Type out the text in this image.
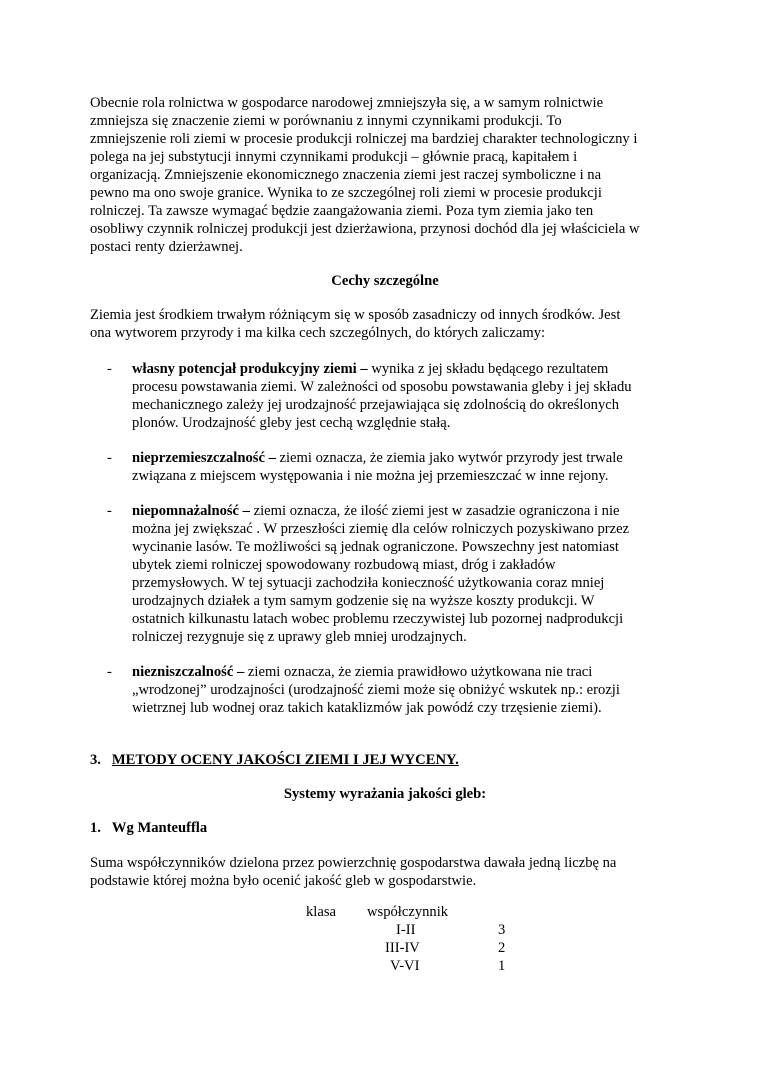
Obecnie rola rolnictwa w gospodarce narodowej zmniejszyła się, a w samym rolnictwie

zmniejsza się znaczenie ziemi w porównaniu z innymi czynnikami produkcji. To

zmniejszenie roli ziemi w procesie produkcji rolniczej ma bardziej charakter technologiczny i

polega na jej substytucji innymi czynnikami produkcji – głównie pracą, kapitałem i

organizacją. Zmniejszenie ekonomicznego znaczenia ziemi jest raczej symboliczne i na

pewno ma ono swoje granice. Wynika to ze szczególnej roli ziemi w procesie produkcji

rolniczej. Ta zawsze wymagać będzie zaangażowania ziemi. Poza tym ziemia jako ten

osobliwy czynnik rolniczej produkcji jest dzierżawiona, przynosi dochód dla jej właściciela w

postaci renty dzierżawnej.

Cechy szczególne

Ziemia jest środkiem trwałym różniącym się w sposób zasadniczy od innych środków. Jest

ona wytworem przyrody i ma kilka cech szczególnych, do których zaliczamy:

- własny potencjał produkcyjny ziemi – wynika z jej składu będącego rezultatem

procesu powstawania ziemi. W zależności od sposobu powstawania gleby i jej składu

mechanicznego zależy jej urodzajność przejawiająca się zdolnością do określonych

plonów. Urodzajność gleby jest cechą względnie stałą.

- nieprzemieszczalność – ziemi oznacza, że ziemia jako wytwór przyrody jest trwale

związana z miejscem występowania i nie można jej przemieszczać w inne rejony.

- niepomnażalność – ziemi oznacza, że ilość ziemi jest w zasadzie ograniczona i nie

można jej zwiększać . W przeszłości ziemię dla celów rolniczych pozyskiwano przez

wycinanie lasów. Te możliwości są jednak ograniczone. Powszechny jest natomiast

ubytek ziemi rolniczej spowodowany rozbudową miast, dróg i zakładów

przemysłowych. W tej sytuacji zachodziła konieczność użytkowania coraz mniej

urodzajnych działek a tym samym godzenie się na wyższe koszty produkcji. W

ostatnich kilkunastu latach wobec problemu rzeczywistej lub pozornej nadprodukcji

rolniczej rezygnuje się z uprawy gleb mniej urodzajnych.

- niezniszczalność – ziemi oznacza, że ziemia prawidłowo użytkowana nie traci

„wrodzonej” urodzajności (urodzajność ziemi może się obniżyć wskutek np.: erozji

wietrznej lub wodnej oraz takich kataklizmów jak powódź czy trzęsienie ziemi).

3. METODY OCENY JAKOŚCI ZIEMI I JEJ WYCENY.

Systemy wyrażania jakości gleb:

1. Wg Manteuffla

Suma współczynników dzielona przez powierzchnię gospodarstwa dawała jedną liczbę na

podstawie której można było ocenić jakość gleb w gospodarstwie.

klasa współczynnik
I-II	3
III-IV	2
V-VI	1
